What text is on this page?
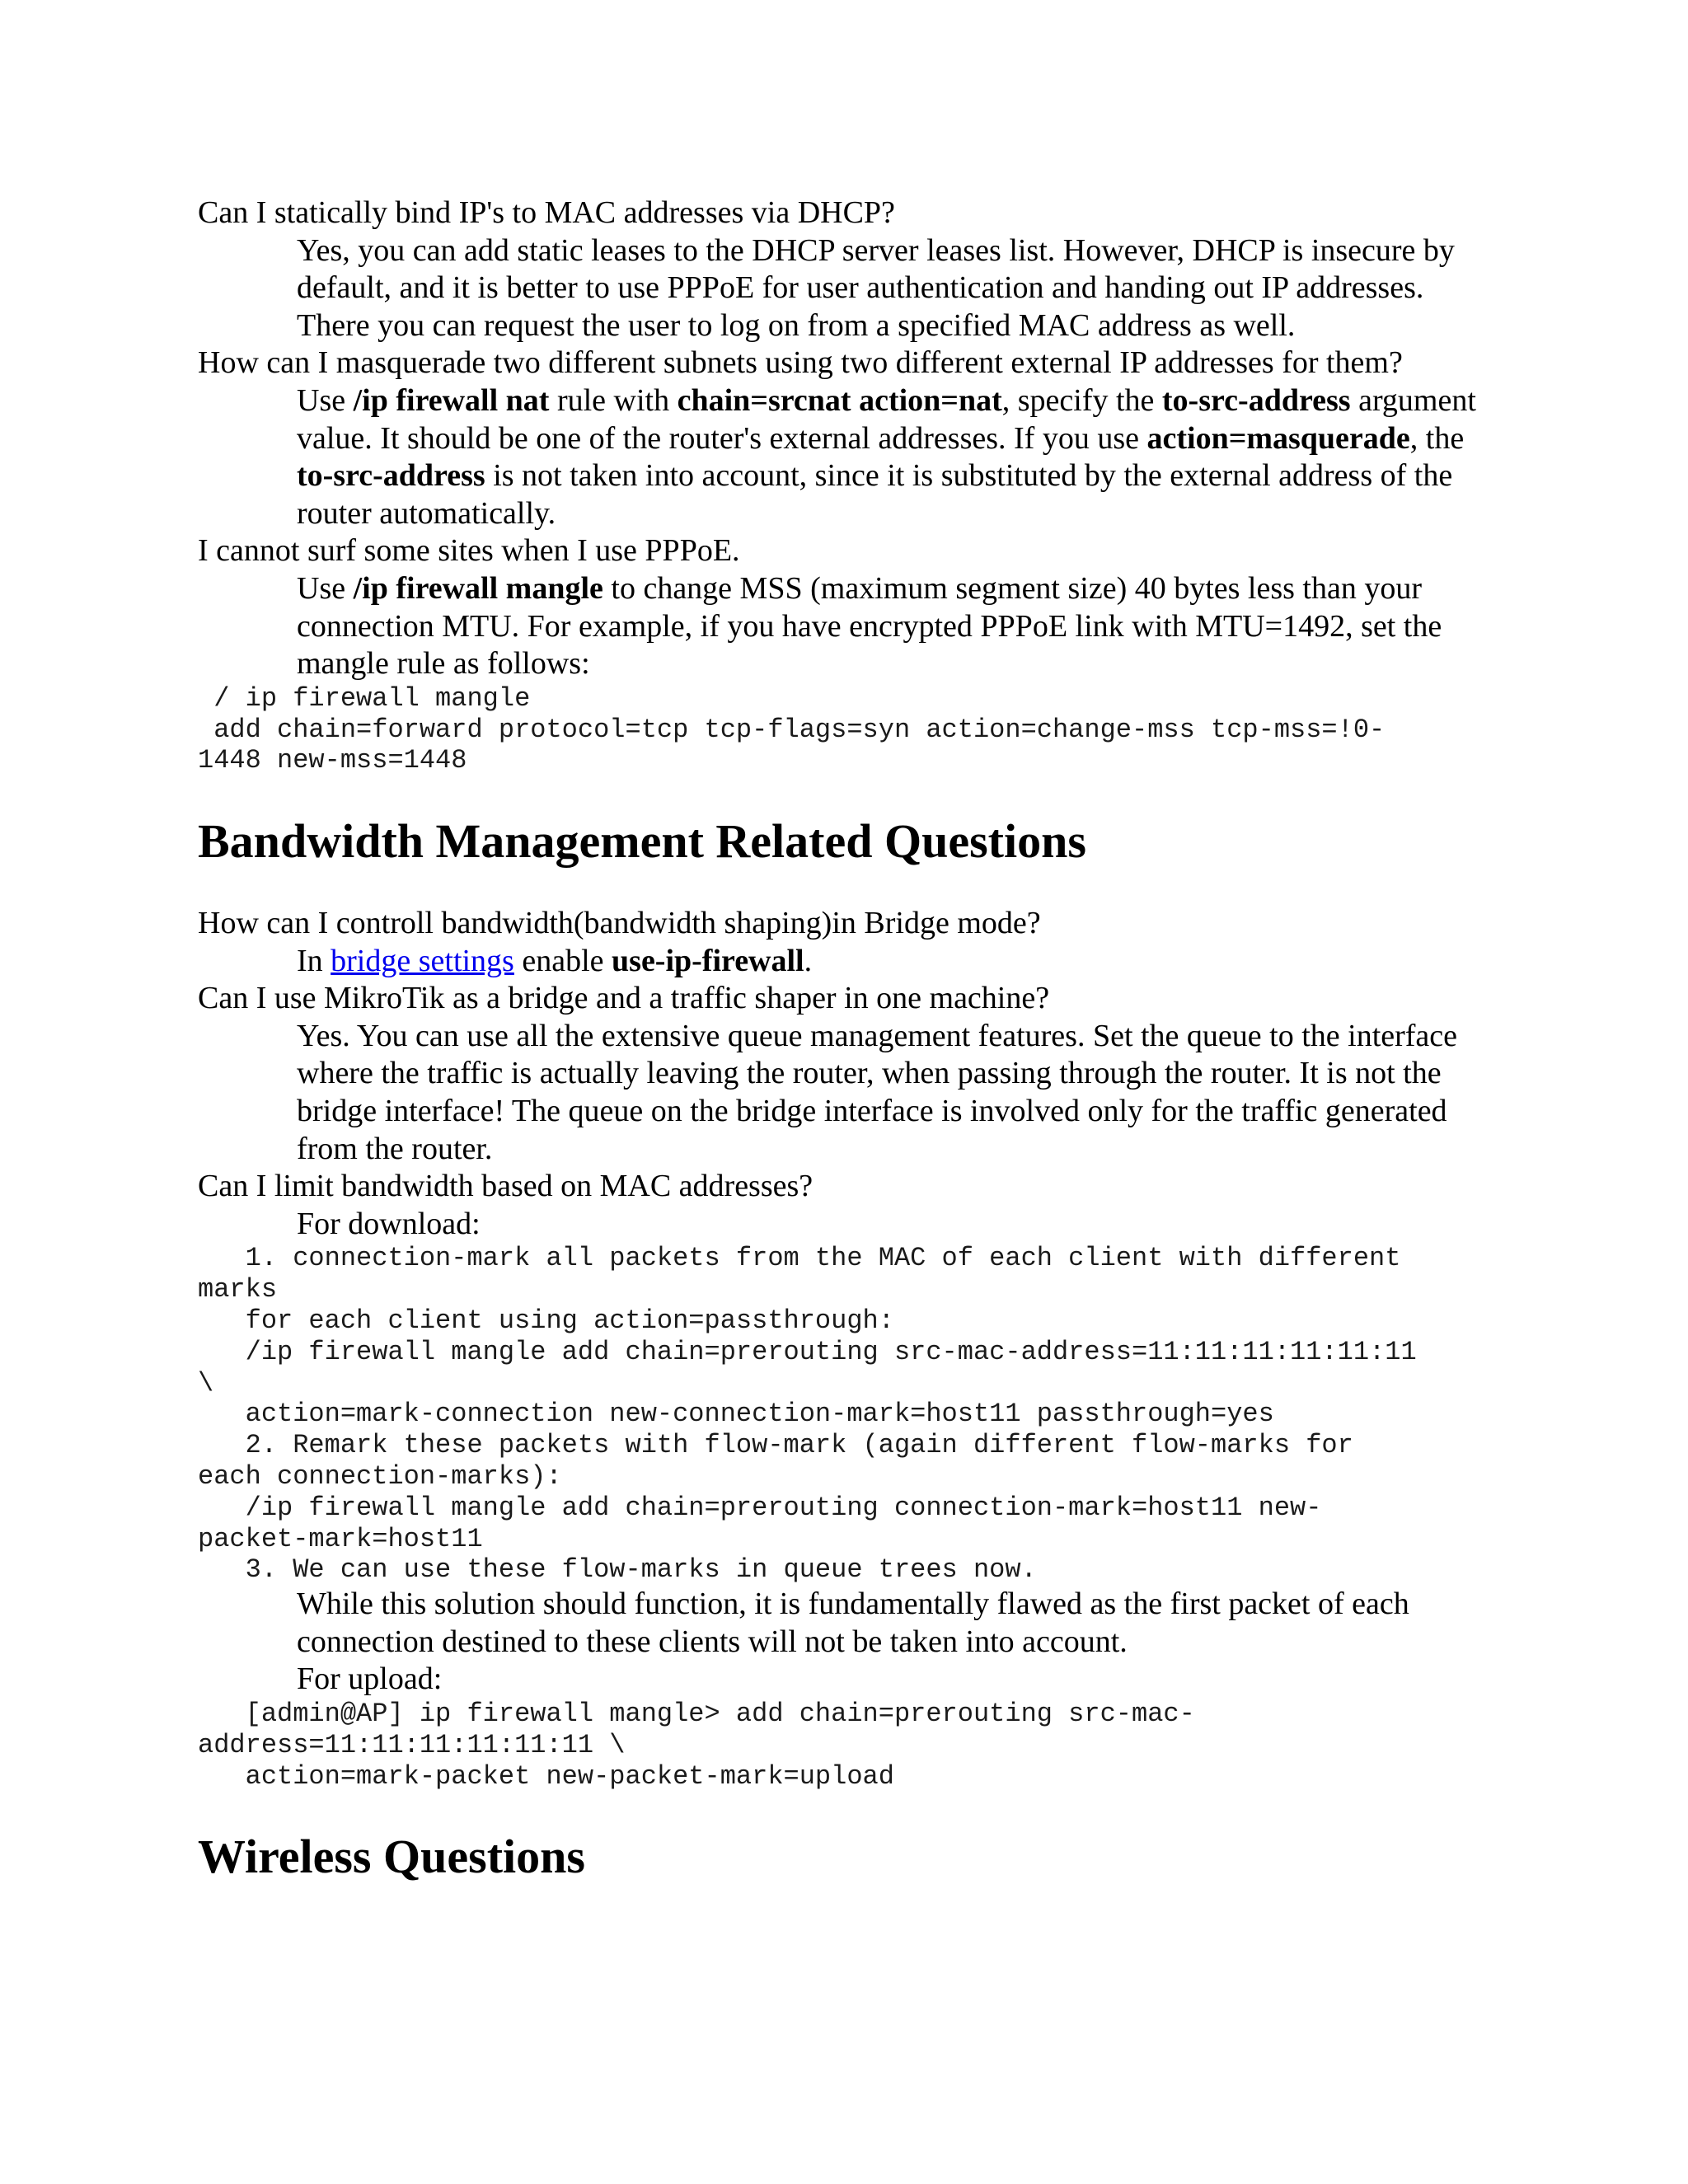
Can I statically bind IP's to MAC addresses via DHCP?

Yes, you can add static leases to the DHCP server leases list. However, DHCP is insecure by default, and it is better to use PPPoE for user authentication and handing out IP addresses. There you can request the user to log on from a specified MAC address as well.

How can I masquerade two different subnets using two different external IP addresses for them?

Use /ip firewall nat rule with chain=srcnat action=nat, specify the to-src-address argument value. It should be one of the router's external addresses. If you use action=masquerade, the to-src-address is not taken into account, since it is substituted by the external address of the router automatically.

I cannot surf some sites when I use PPPoE.

Use /ip firewall mangle to change MSS (maximum segment size) 40 bytes less than your connection MTU. For example, if you have encrypted PPPoE link with MTU=1492, set the mangle rule as follows:

/ ip firewall mangle
add chain=forward protocol=tcp tcp-flags=syn action=change-mss tcp-mss=!0-
1448 new-mss=1448
Bandwidth Management Related Questions

How can I controll bandwidth(bandwidth shaping)in Bridge mode?

In bridge settings enable use-ip-firewall.

Can I use MikroTik as a bridge and a traffic shaper in one machine?

Yes. You can use all the extensive queue management features. Set the queue to the interface where the traffic is actually leaving the router, when passing through the router. It is not the bridge interface! The queue on the bridge interface is involved only for the traffic generated from the router.

Can I limit bandwidth based on MAC addresses?

For download:

1. connection-mark all packets from the MAC of each client with different
marks
for each client using action=passthrough:
/ip firewall mangle add chain=prerouting src-mac-address=11:11:11:11:11:11
\
action=mark-connection new-connection-mark=host11 passthrough=yes
2. Remark these packets with flow-mark (again different flow-marks for
each connection-marks):
/ip firewall mangle add chain=prerouting connection-mark=host11 new-
packet-mark=host11
3. We can use these flow-marks in queue trees now.

While this solution should function, it is fundamentally flawed as the first packet of each connection destined to these clients will not be taken into account.

For upload:

[admin@AP] ip firewall mangle> add chain=prerouting src-mac-
address=11:11:11:11:11:11 \
action=mark-packet new-packet-mark=upload
Wireless Questions
